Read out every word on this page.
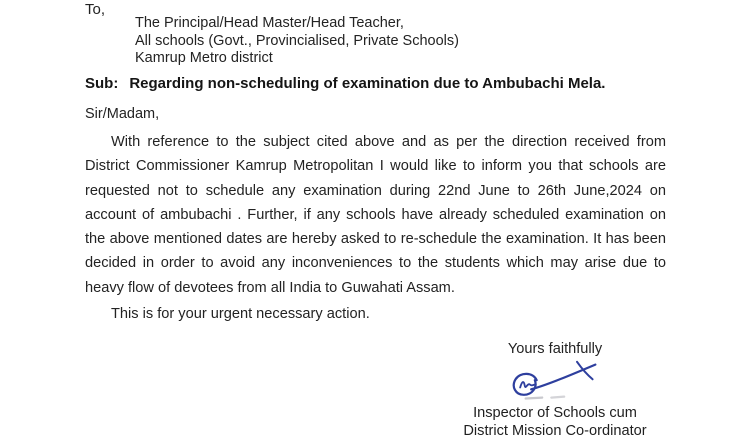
To,
The Principal/Head Master/Head Teacher,
All schools (Govt., Provincialised, Private Schools)
Kamrup Metro district
Sub: Regarding non-scheduling of examination due to Ambubachi Mela.
Sir/Madam,

With reference to the subject cited above and as per the direction received from District Commissioner Kamrup Metropolitan I would like to inform you that schools are requested not to schedule any examination during 22nd June to 26th June,2024 on account of ambubachi . Further, if any schools have already scheduled examination on the above mentioned dates are hereby asked to re-schedule the examination. It has been decided in order to avoid any inconveniences to the students which may arise due to heavy flow of devotees from all India to Guwahati Assam.

This is for your urgent necessary action.

Yours faithfully
Inspector of Schools cum
District Mission Co-ordinator
